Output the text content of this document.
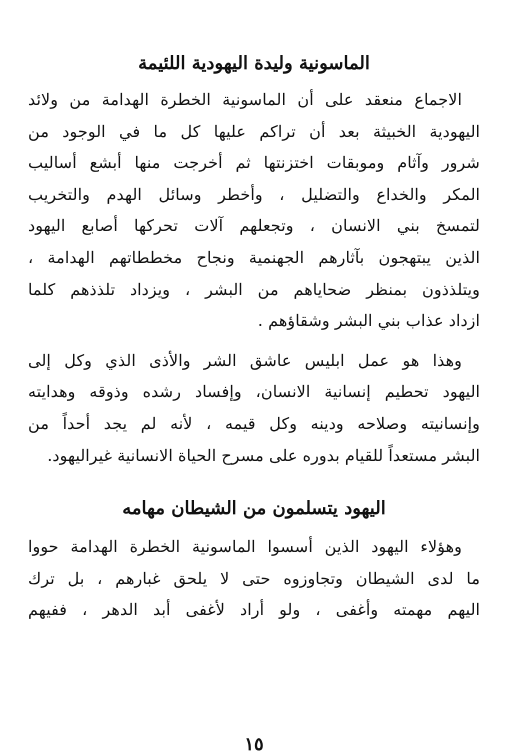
الماسونية وليدة اليهودية اللئيمة
الاجماع منعقد على أن الماسونية الخطرة الهدامة من ولائد
اليهودية الخبيثة بعد أن تراكم عليها كل ما في الوجود من
شرور وآثام وموبقات اختزنتها ثم أخرجت منها أبشع أساليب
المكر والخداع والتضليل ، وأخطر وسائل الهدم والتخريب
لتمسخ بني الانسان ، وتجعلهم آلات تحركها أصابع اليهود
الذين يبتهجون بآثارهم الجهنمية ونجاح مخططاتهم الهدامة ،
ويتلذذون بمنظر ضحاياهم من البشر ، ويزداد تلذذهم كلما
ازداد عذاب بني البشر وشقاؤهم .
وهذا هو عمل ابليس عاشق الشر والأذى الذي وكل إلى
اليهود تحطيم إنسانية الانسان، وإفساد رشده وذوقه وهدايته
وإنسانيته وصلاحه ودينه وكل قيمه ، لأنه لم يجد أحداً من
البشر مستعداً للقيام بدوره على مسرح الحياة الانسانية غيراليهود.
اليهود يتسلمون من الشيطان مهامه
وهؤلاء اليهود الذين أسسوا الماسونية الخطرة الهدامة حووا
ما لدى الشيطان وتجاوزوه حتى لا يلحق غبارهم ، بل ترك
اليهم مهمته وأغفى ، ولو أراد لأغفى أبد الدهر ، ففيهم
١٥
